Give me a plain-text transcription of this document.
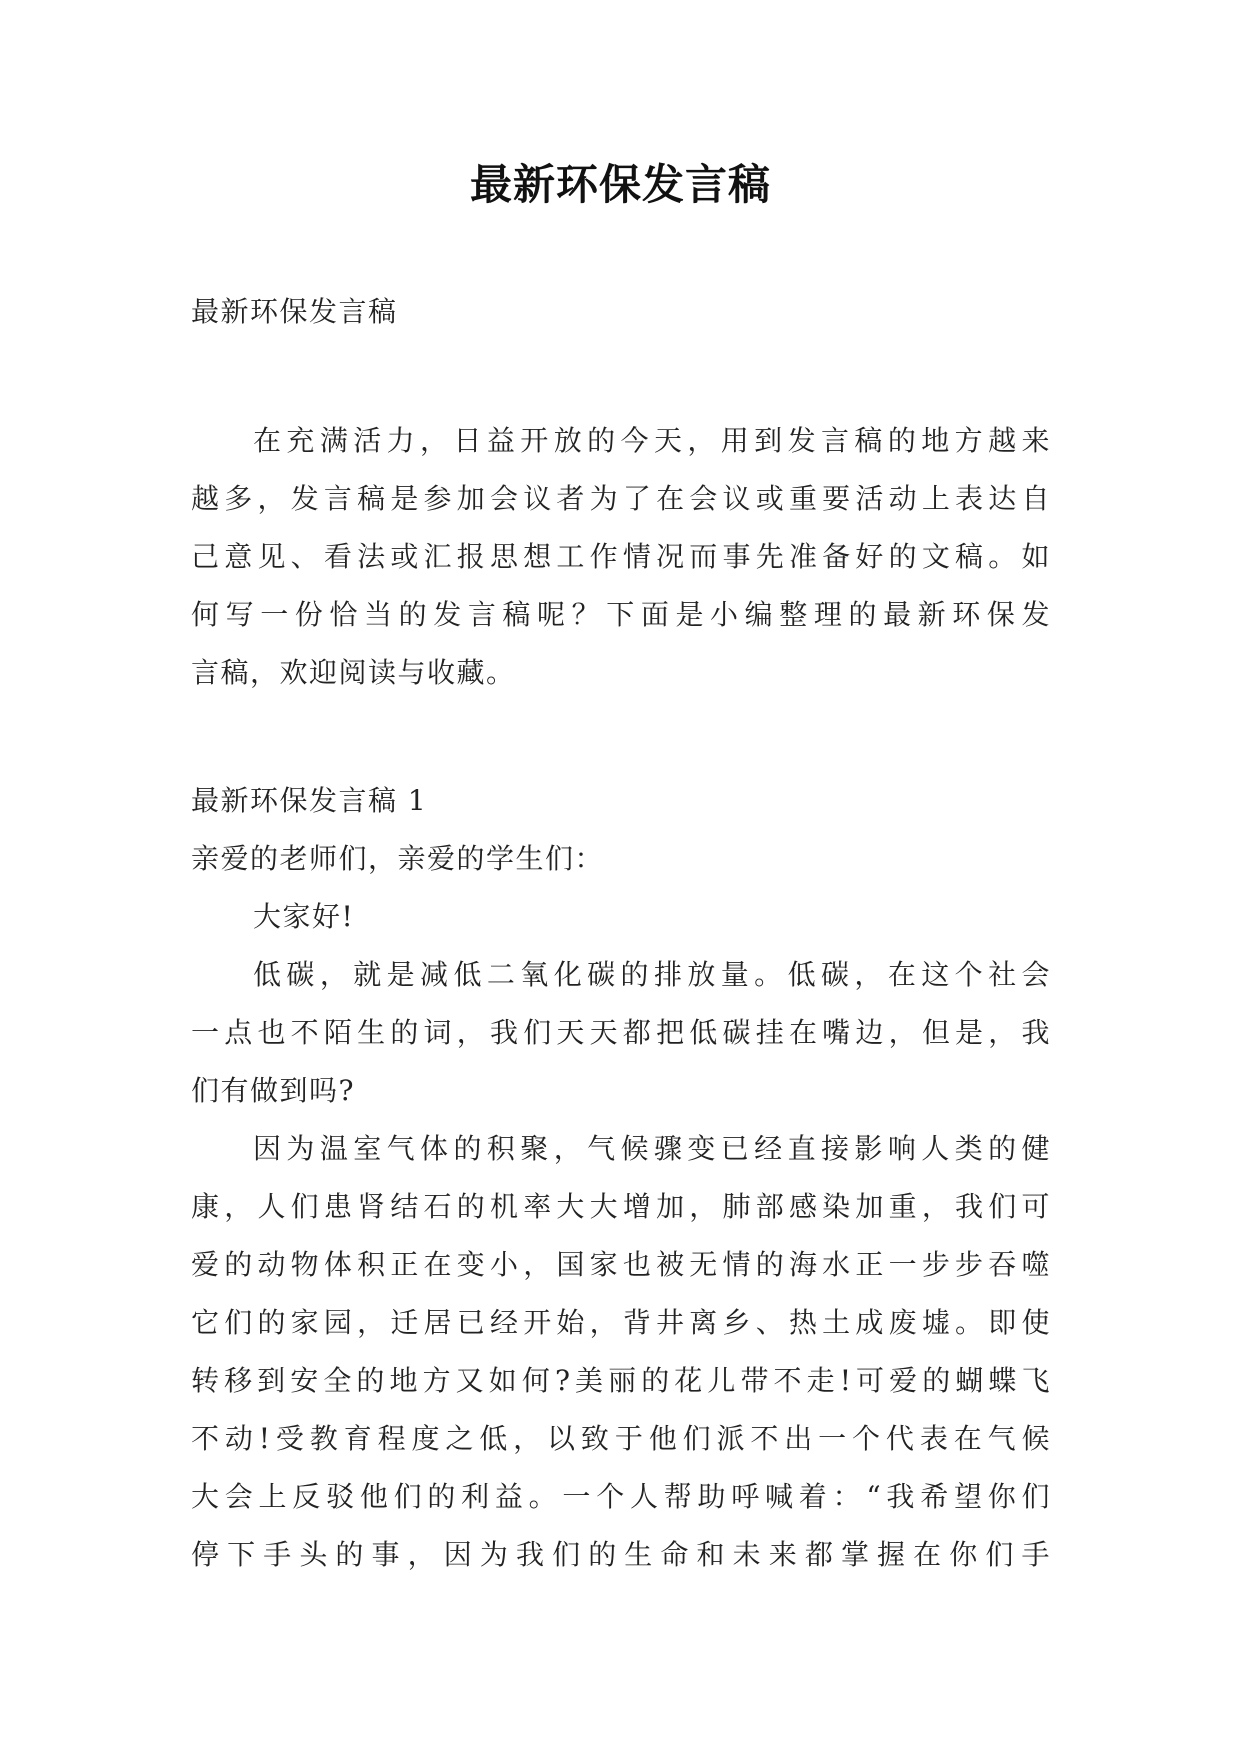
最新环保发言稿
最新环保发言稿
在充满活力，日益开放的今天，用到发言稿的地方越来
越多，发言稿是参加会议者为了在会议或重要活动上表达自
己意见、看法或汇报思想工作情况而事先准备好的文稿。如
何写一份恰当的发言稿呢？下面是小编整理的最新环保发
言稿，欢迎阅读与收藏。
最新环保发言稿 1
亲爱的老师们，亲爱的学生们：
大家好!
低碳，就是减低二氧化碳的排放量。低碳，在这个社会
一点也不陌生的词，我们天天都把低碳挂在嘴边，但是，我
们有做到吗?
因为温室气体的积聚，气候骤变已经直接影响人类的健
康，人们患肾结石的机率大大增加，肺部感染加重，我们可
爱的动物体积正在变小，国家也被无情的海水正一步步吞噬
它们的家园，迁居已经开始，背井离乡、热土成废墟。即使
转移到安全的地方又如何?美丽的花儿带不走!可爱的蝴蝶飞
不动!受教育程度之低，以致于他们派不出一个代表在气候
大会上反驳他们的利益。一个人帮助呼喊着：“我希望你们
停下手头的事，因为我们的生命和未来都掌握在你们手
